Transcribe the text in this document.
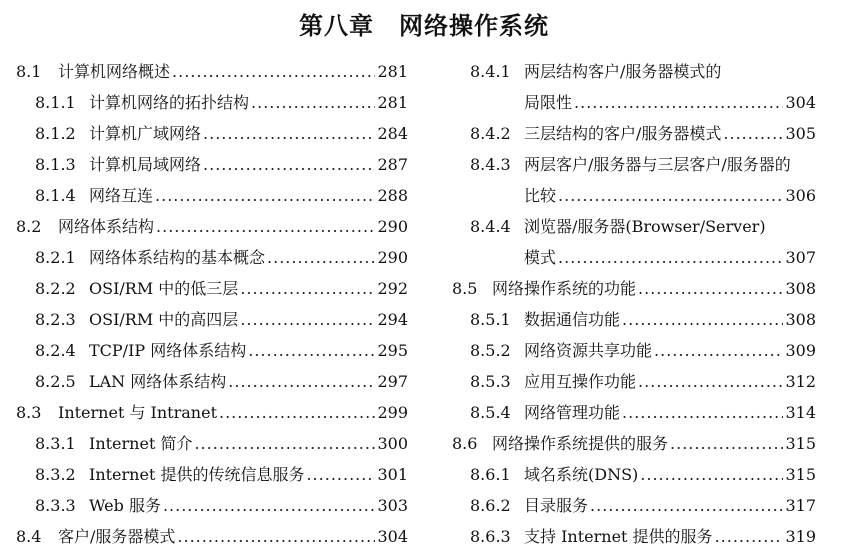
第八章　网络操作系统
8.1	计算机网络概述 .....	281
8.1.1 计算机网络的拓扑结构 .....	281
8.1.2 计算机广域网络 .....	284
8.1.3 计算机局域网络 .....	287
8.1.4 网络互连 .....	288
8.2	网络体系结构 .....	290
8.2.1 网络体系结构的基本概念 .....	290
8.2.2 OSI/RM 中的低三层 .....	292
8.2.3 OSI/RM 中的高四层 .....	294
8.2.4 TCP/IP 网络体系结构 .....	295
8.2.5 LAN 网络体系结构 .....	297
8.3	Internet 与 Intranet .....	299
8.3.1 Internet 简介 .....	300
8.3.2 Internet 提供的传统信息服务 .....	301
8.3.3 Web 服务 .....	303
8.4	客户/服务器模式 .....	304
8.4.1 两层结构客户/服务器模式的
局限性 .....	304
8.4.2 三层结构的客户/服务器模式 .....	305
8.4.3 两层客户/服务器与三层客户/服务器的
比较 .....	306
8.4.4 浏览器/服务器(Browser/Server)
模式 .....	307
8.5 网络操作系统的功能 .....	308
8.5.1 数据通信功能 .....	308
8.5.2 网络资源共享功能 .....	309
8.5.3 应用互操作功能 .....	312
8.5.4 网络管理功能 .....	314
8.6 网络操作系统提供的服务 .....	315
8.6.1 域名系统(DNS) .....	315
8.6.2 目录服务 .....	317
8.6.3 支持 Internet 提供的服务 .....	319
